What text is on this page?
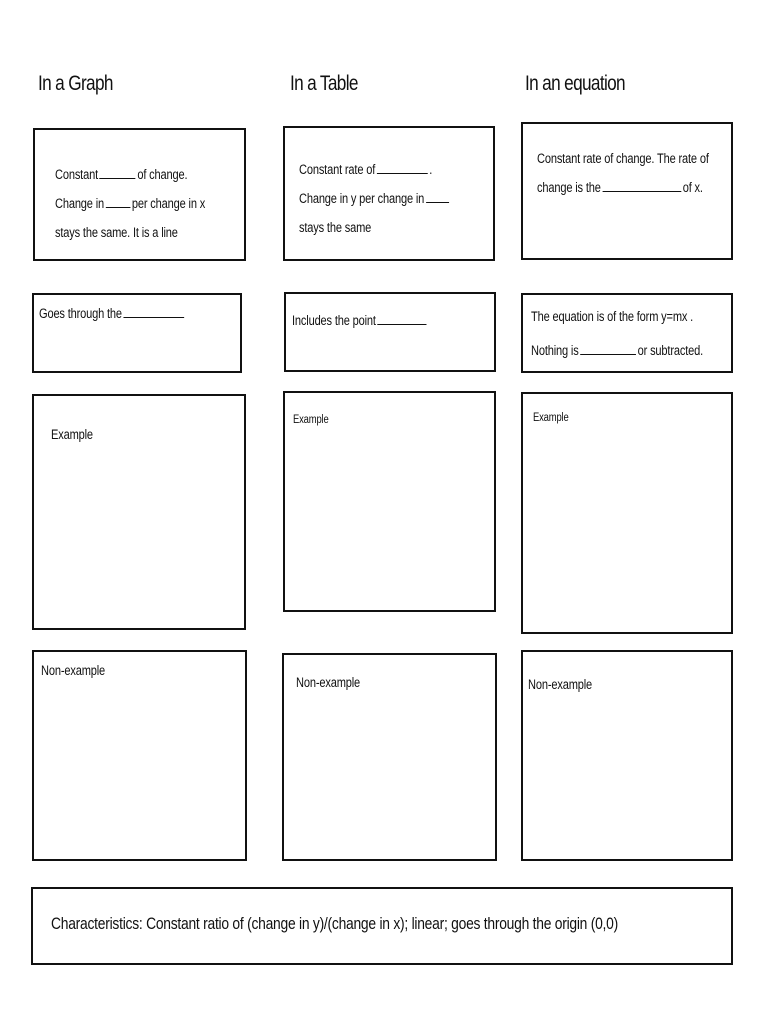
In a Graph	In a Table	In an equation
Constant	of change.
Change in per change in x
stays the same. It is a line
Constant rate of	.
Change in y per change in
stays the same
Constant rate of change. The rate of
change is the	of x.
Goes through the	Includes the point	The equation is of the form y=mx .
Nothing is	or subtracted.
Example
Example	Example
Non-example
Non-example	Non-example
Characteristics: Constant ratio of (change in y)/(change in x); linear; goes through the origin (0,0)
